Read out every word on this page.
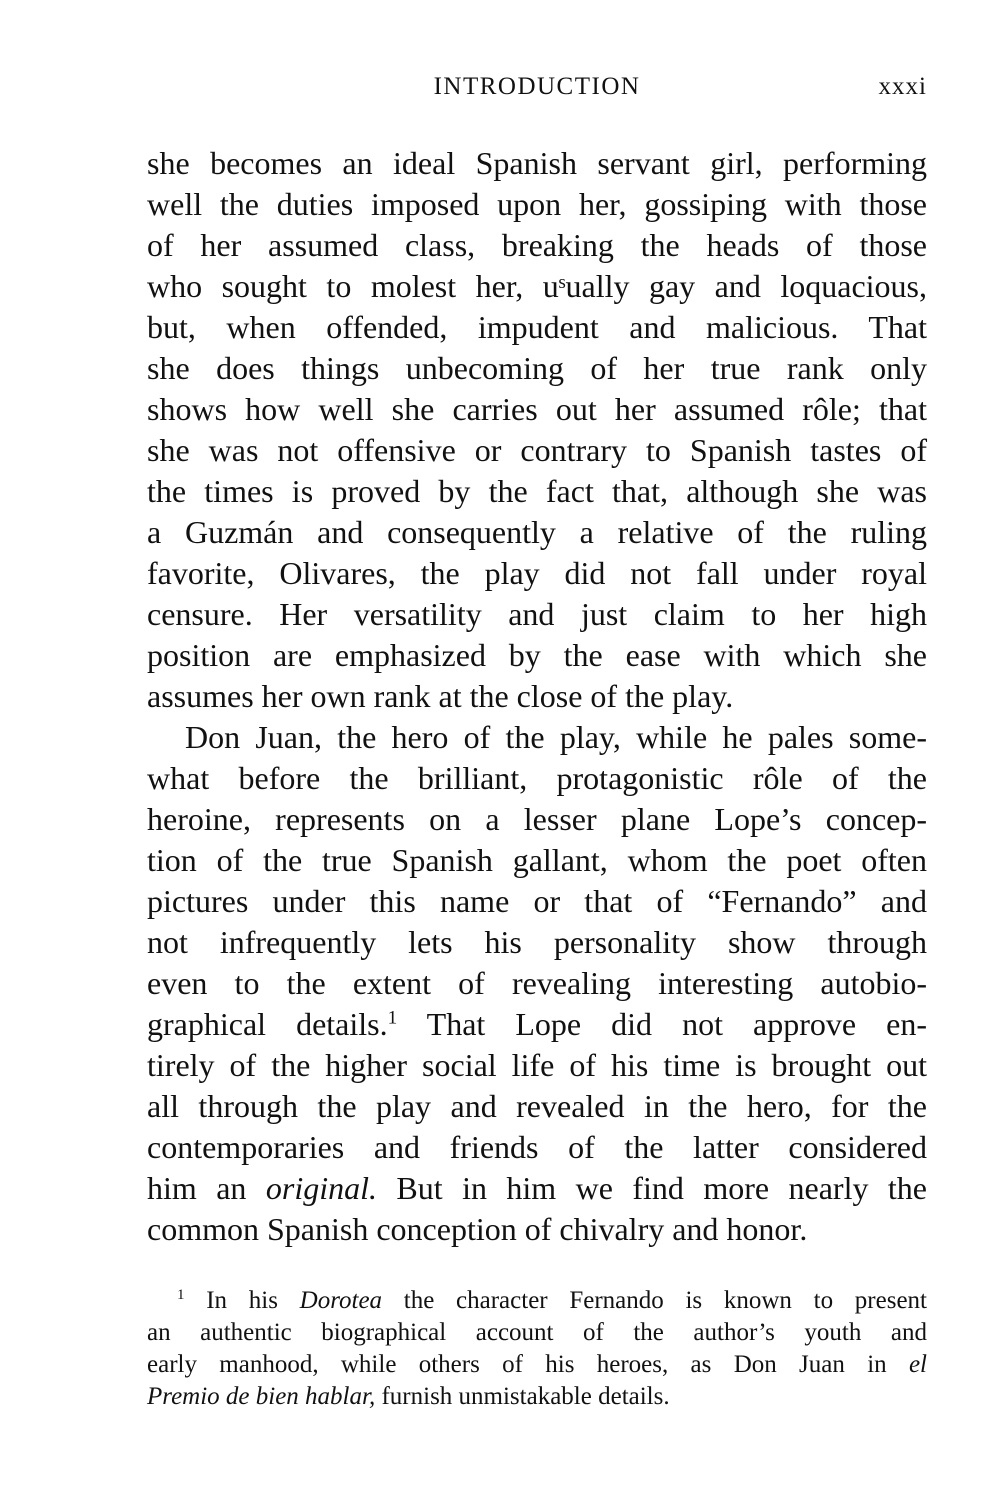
INTRODUCTION	xxxi
she becomes an ideal Spanish servant girl, performing
well the duties imposed upon her, gossiping with those
of her assumed class, breaking the heads of those
who sought to molest her, uˢually gay and loquacious,
but, when offended, impudent and malicious. That
she does things unbecoming of her true rank only
shows how well she carries out her assumed rôle; that
she was not offensive or contrary to Spanish tastes of
the times is proved by the fact that, although she was
a Guzmán and consequently a relative of the ruling
favorite, Olivares, the play did not fall under royal
censure. Her versatility and just claim to her high
position are emphasized by the ease with which she
assumes her own rank at the close of the play.
Don Juan, the hero of the play, while he pales some-
what before the brilliant, protagonistic rôle of the
heroine, represents on a lesser plane Lope’s concep-
tion of the true Spanish gallant, whom the poet often
pictures under this name or that of “Fernando” and
not infrequently lets his personality show through
even to the extent of revealing interesting autobio-
graphical details.$^1$ That Lope did not approve en-
tirely of the higher social life of his time is brought out
all through the play and revealed in the hero, for the
contemporaries and friends of the latter considered
him an original. But in him we find more nearly the
common Spanish conception of chivalry and honor.
$^1$ In his Dorotea the character Fernando is known to present
an authentic biographical account of the author’s youth and
early manhood, while others of his heroes, as Don Juan in el
Premio de bien hablar, furnish unmistakable details.
